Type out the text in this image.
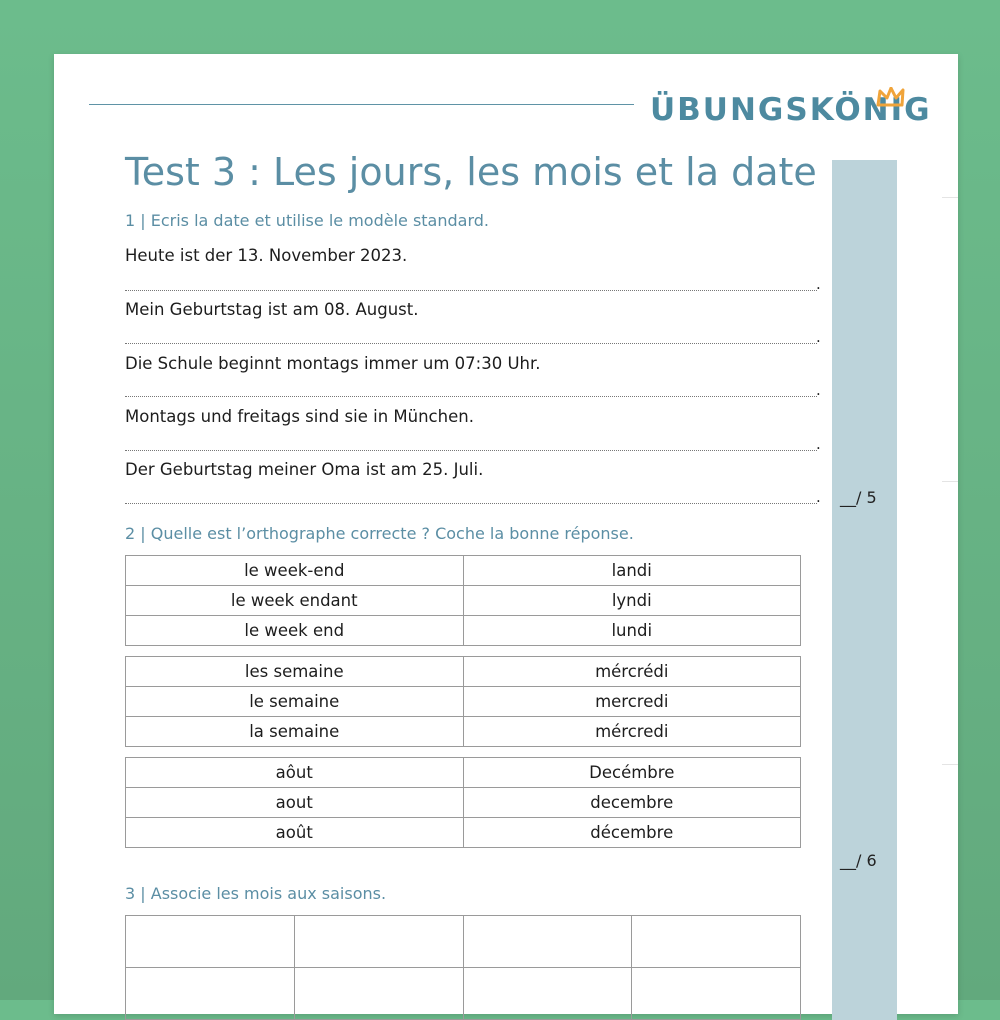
ÜBUNGSKÖNIG
Test 3 : Les jours, les mois et la date
1 | Ecris la date et utilise le modèle standard.
Heute ist der 13. November 2023.
.
Mein Geburtstag ist am 08. August.
.
Die Schule beginnt montags immer um 07:30 Uhr.
.
Montags und freitags sind sie in München.
.
Der Geburtstag meiner Oma ist am 25. Juli.
. __/ 5
2 | Quelle est l’orthographe correcte ? Coche la bonne réponse.
le week-end	landi
le week endant	lyndi
le week end	lundi
les semaine	mércrédi
le semaine	mercredi
la semaine	mércredi
aôut	Decémbre
aout	decembre
août	décembre
__/ 6
3 | Associe les mois aux saisons.
